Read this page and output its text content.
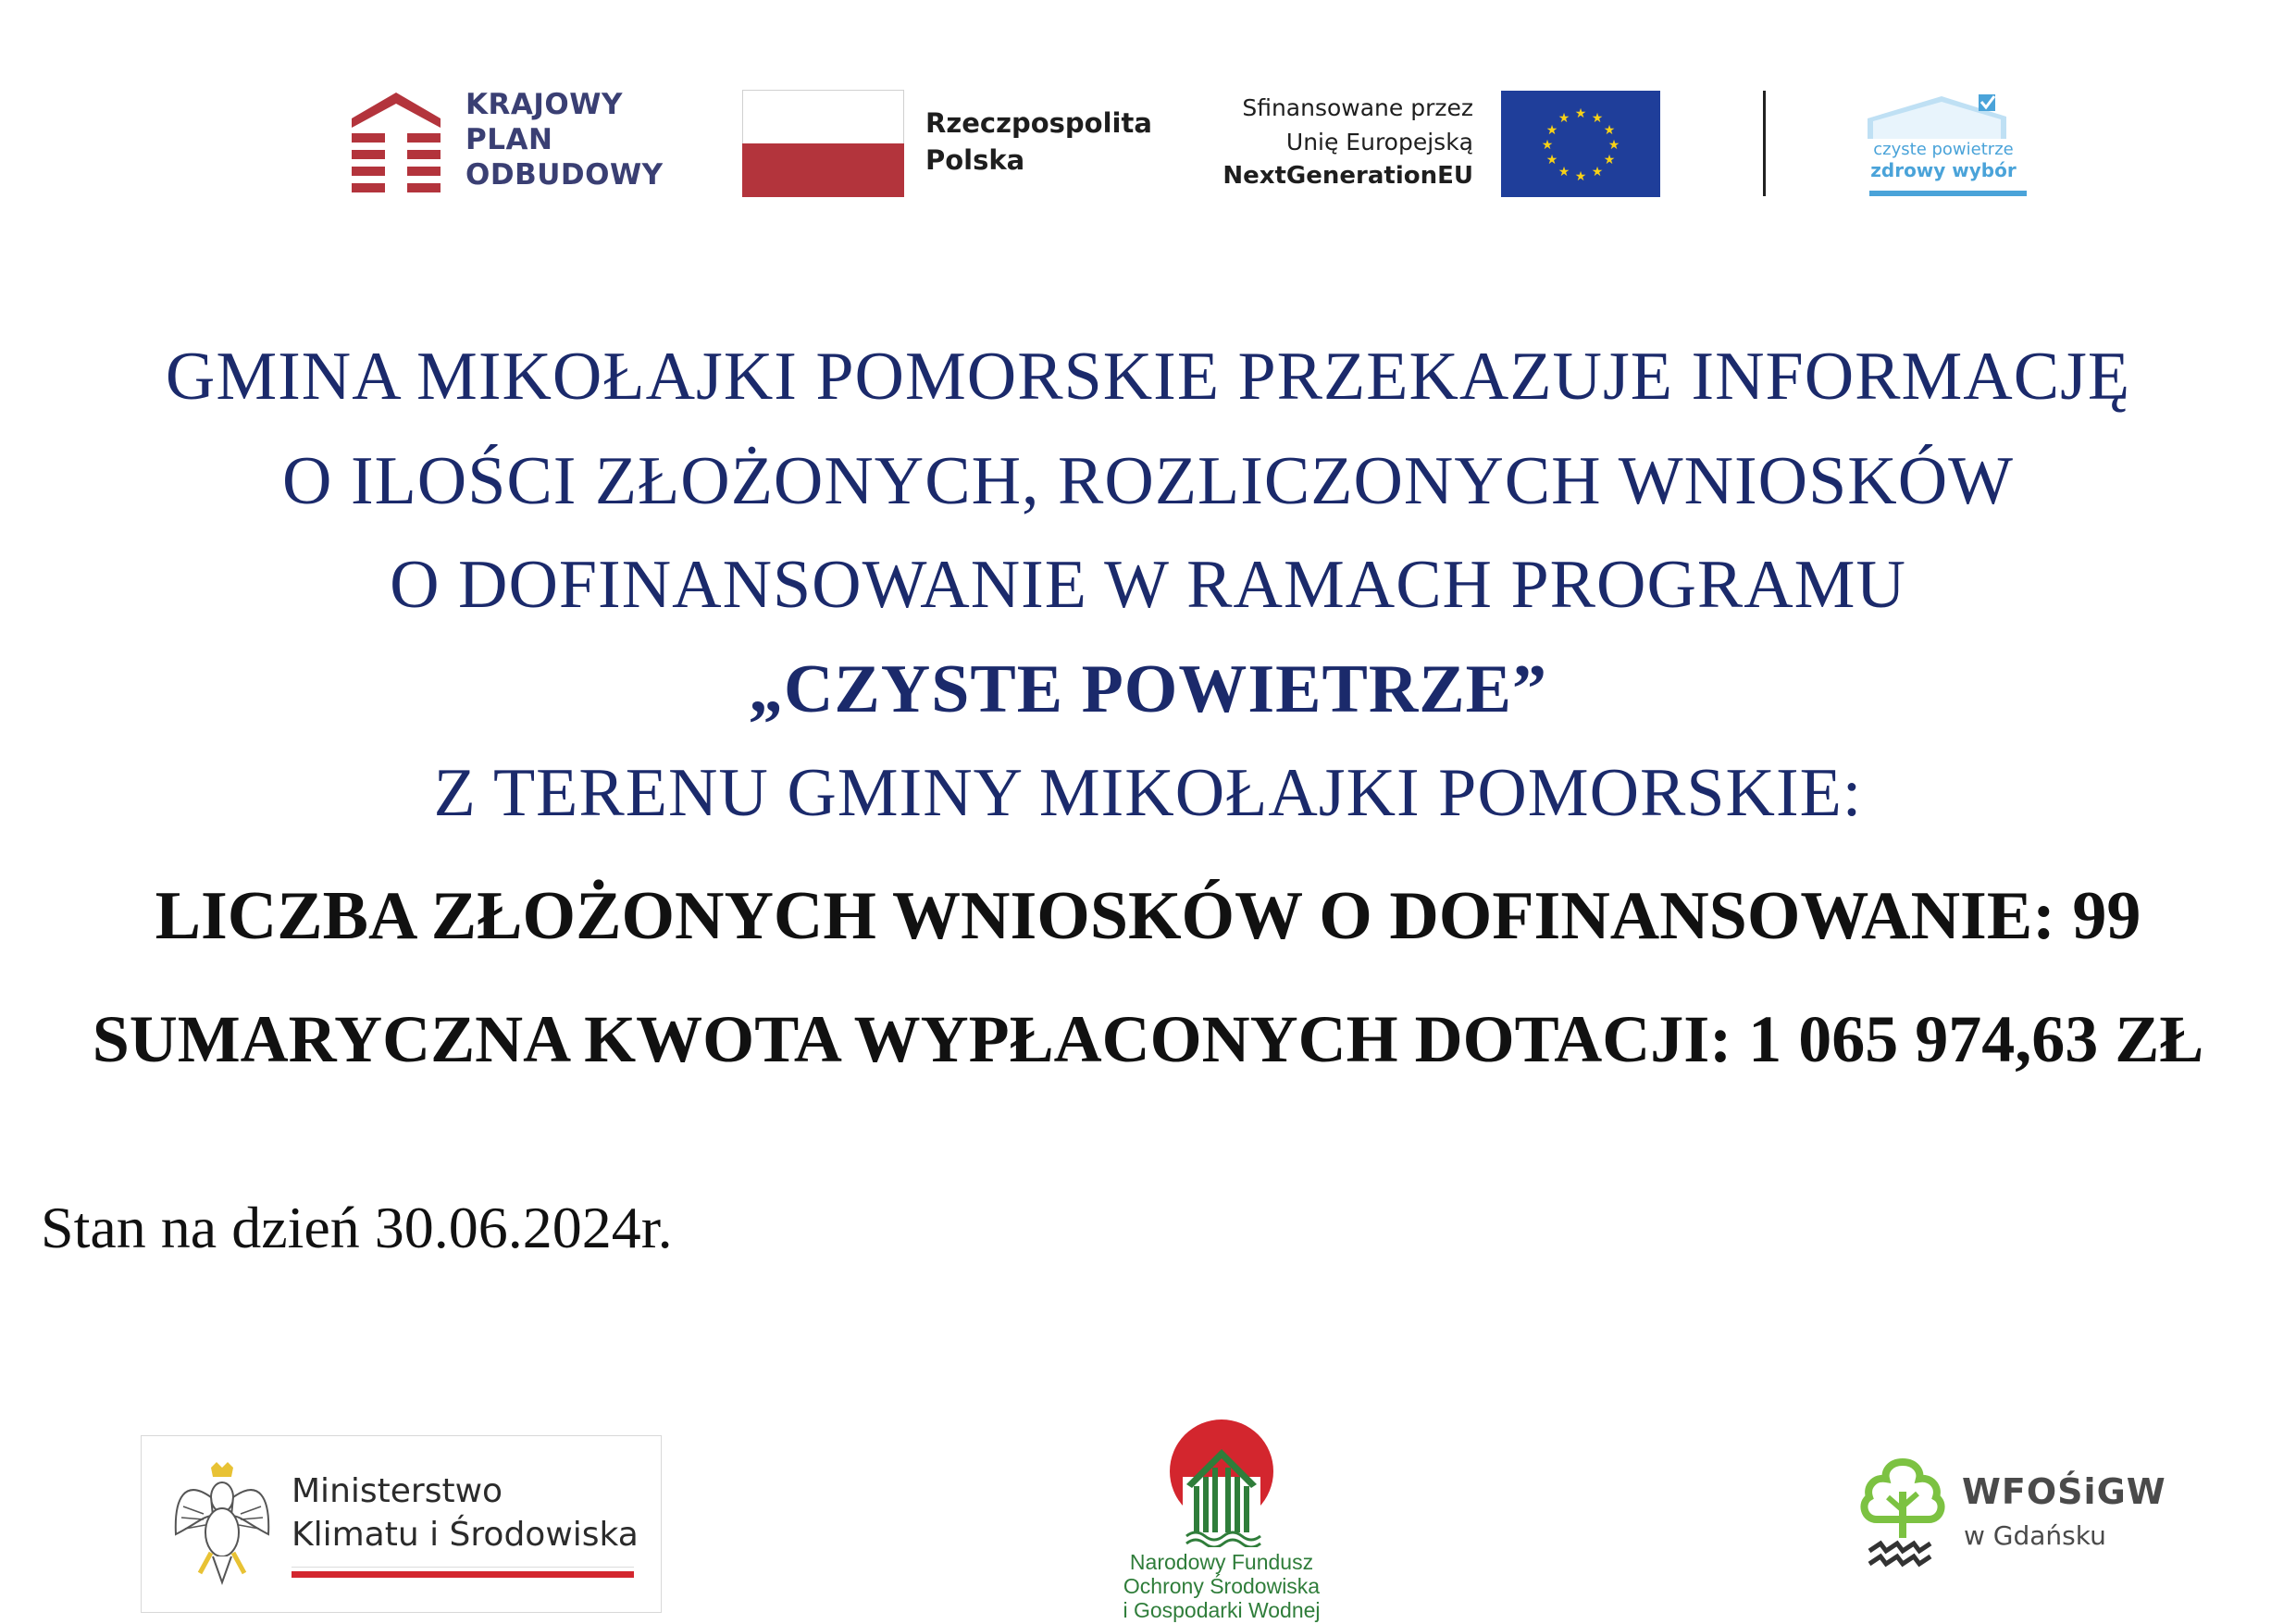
KRAJOWY
PLAN
ODBUDOWY
Rzeczpospolita
Polska
Sfinansowane przez
Unię Europejską
NextGenerationEU
★ ★
★
★
★
★
★
★
★
★
★
★
czyste powietrze
zdrowy wybór
GMINA MIKOŁAJKI POMORSKIE PRZEKAZUJE INFORMACJĘ
O ILOŚCI ZŁOŻONYCH, ROZLICZONYCH WNIOSKÓW
O DOFINANSOWANIE W RAMACH PROGRAMU
„CZYSTE POWIETRZE”
Z TERENU GMINY MIKOŁAJKI POMORSKIE:
LICZBA ZŁOŻONYCH WNIOSKÓW O DOFINANSOWANIE: 99
SUMARYCZNA KWOTA WYPŁACONYCH DOTACJI: 1 065 974,63 ZŁ
Stan na dzień 30.06.2024r.
Ministerstwo
Klimatu i Środowiska
Narodowy Fundusz
Ochrony Środowiska
i Gospodarki Wodnej
WFOŚiGW
w Gdańsku
